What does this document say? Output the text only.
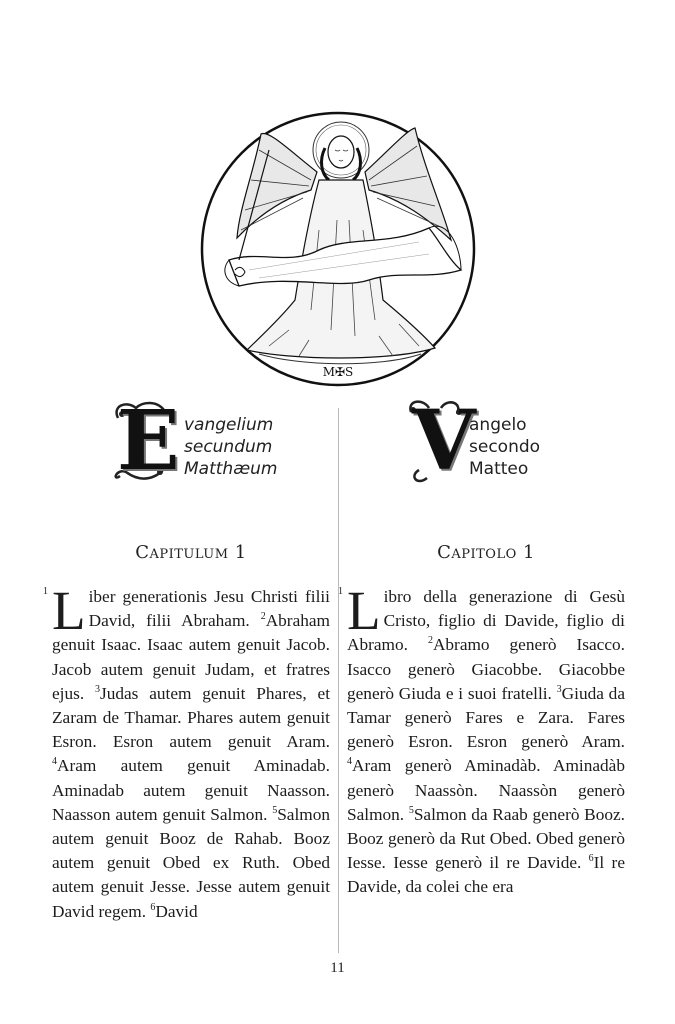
M✠S
E vangelium
secundum
Matthæum
Capitulum 1
1 L iber generationis Jesu Christi filii David, filii Abraham. $^2$Abraham genuit Isaac. Isaac autem genuit Jacob. Jacob autem genuit Judam, et fratres ejus. $^3$Judas autem genuit Phares, et Zaram de Thamar. Phares autem genuit Esron. Esron autem genuit Aram. $^4$Aram autem genuit Aminadab. Aminadab autem genuit Naasson. Naasson autem genuit Salmon. $^5$Salmon autem genuit Booz de Rahab. Booz autem genuit Obed ex Ruth. Obed autem genuit Jesse. Jesse autem genuit David regem. $^6$David
V
angelo
secondo
Matteo
Capitolo 1
1 L ibro della generazione di Gesù Cristo, figlio di Davide, figlio di Abramo. $^2$Abramo generò Isacco. Isacco generò Giacobbe. Giacobbe generò Giuda e i suoi fratelli. $^3$Giuda da Tamar generò Fares e Zara. Fares generò Esron. Esron generò Aram. $^4$Aram generò Aminadàb. Aminadàb generò Naassòn. Naassòn generò Salmon. $^5$Salmon da Raab generò Booz. Booz generò da Rut Obed. Obed generò Iesse. Iesse generò il re Davide. $^6$Il re Davide, da colei che era
11
